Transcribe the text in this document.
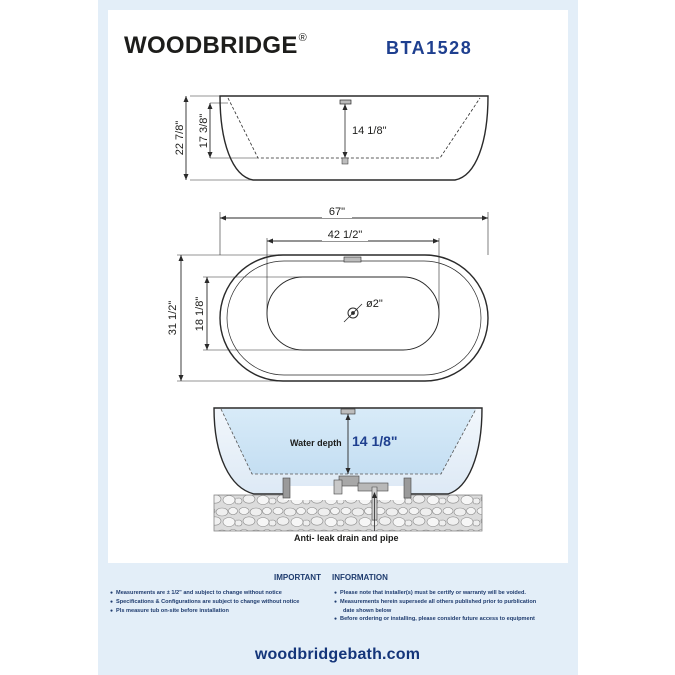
22 7/8" 17 3/8"	14 1/8"
67"
42 1/2"
31 1/2" 18 1/8"	ø2"
Water depth 14 1/8"
Anti- leak drain and pipe
WOODBRIDGE®	BTA1528
IMPORTANT INFORMATION
● Measurements are ± 1/2" and subject to change without notice
● Specifications & Configurations are subject to change without notice
● Pls measure tub on-site before installation
● Please note that installer(s) must be certify or warranty will be voided.
● Measurements herein supersede all others published prior to purblication
date shown below
● Before ordering or installing, please consider future access to equipment
woodbridgebath.com
